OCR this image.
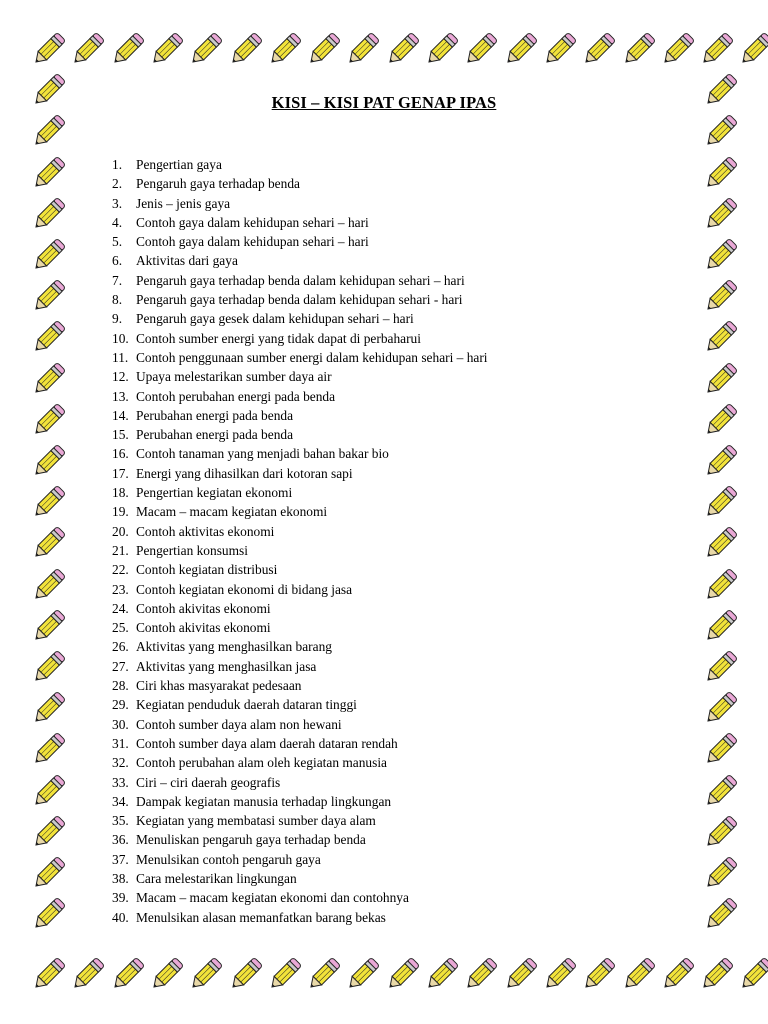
KISI – KISI PAT GENAP IPAS
1. Pengertian gaya
2. Pengaruh gaya terhadap benda
3. Jenis – jenis gaya
4. Contoh gaya dalam kehidupan sehari – hari
5. Contoh gaya dalam kehidupan sehari – hari
6. Aktivitas dari gaya
7. Pengaruh gaya terhadap benda dalam kehidupan sehari – hari
8. Pengaruh gaya terhadap benda dalam kehidupan sehari - hari
9. Pengaruh gaya gesek dalam kehidupan sehari – hari
10. Contoh sumber energi yang tidak dapat di perbaharui
11. Contoh penggunaan sumber energi dalam kehidupan sehari – hari
12. Upaya melestarikan sumber daya air
13. Contoh perubahan energi pada benda
14. Perubahan energi pada benda
15. Perubahan energi pada benda
16. Contoh tanaman yang menjadi bahan bakar bio
17. Energi yang dihasilkan dari kotoran sapi
18. Pengertian kegiatan ekonomi
19. Macam – macam kegiatan ekonomi
20. Contoh aktivitas ekonomi
21. Pengertian konsumsi
22. Contoh kegiatan distribusi
23. Contoh kegiatan ekonomi di bidang jasa
24. Contoh akivitas ekonomi
25. Contoh akivitas ekonomi
26. Aktivitas yang menghasilkan barang
27. Aktivitas yang menghasilkan jasa
28. Ciri khas masyarakat pedesaan
29. Kegiatan penduduk daerah dataran tinggi
30. Contoh sumber daya alam non hewani
31. Contoh sumber daya alam daerah dataran rendah
32. Contoh perubahan alam oleh kegiatan manusia
33. Ciri – ciri daerah geografis
34. Dampak kegiatan manusia terhadap lingkungan
35. Kegiatan yang membatasi sumber daya alam
36. Menuliskan pengaruh gaya terhadap benda
37. Menulsikan contoh pengaruh gaya
38. Cara melestarikan lingkungan
39. Macam – macam kegiatan ekonomi dan contohnya
40. Menulsikan alasan memanfatkan barang bekas
